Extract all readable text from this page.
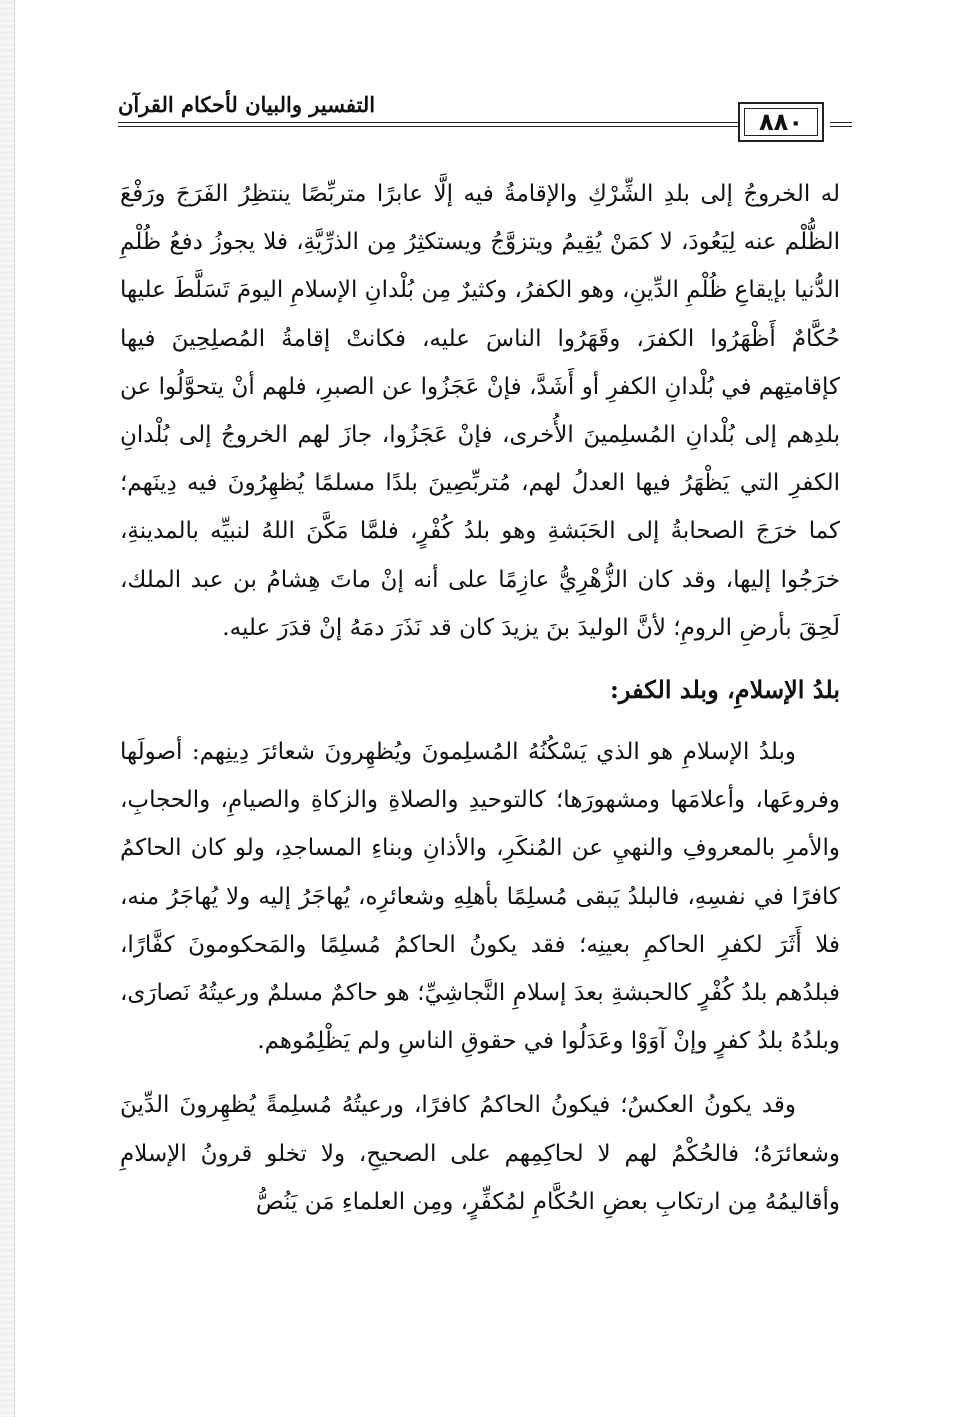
التفسير والبيان لأحكام القرآن
٨٨٠

له الخروجُ إلى بلدِ الشِّرْكِ والإقامةُ فيه إلَّا عابرًا متربِّصًا ينتظِرُ الفَرَجَ ورَفْعَ الظُّلْم عنه لِيَعُودَ، لا كمَنْ يُقِيمُ ويتزوَّجُ ويستكثِرُ مِن الذرِّيَّةِ، فلا يجوزُ دفعُ ظُلْمِ الدُّنيا بإيقاعِ ظُلْمِ الدِّينِ، وهو الكفرُ، وكثيرٌ مِن بُلْدانِ الإسلامِ اليومَ تَسَلَّطَ عليها حُكَّامٌ أَظْهَرُوا الكفرَ، وقَهَرُوا الناسَ عليه، فكانتْ إقامةُ المُصلِحِينَ فيها كإقامتِهم في بُلْدانِ الكفرِ أو أَشَدَّ، فإنْ عَجَزُوا عن الصبرِ، فلهم أنْ يتحوَّلُوا عن بلدِهم إلى بُلْدانِ المُسلِمينَ الأُخرى، فإنْ عَجَزُوا، جازَ لهم الخروجُ إلى بُلْدانِ الكفرِ التي يَظْهَرُ فيها العدلُ لهم، مُتربِّصِينَ بلدًا مسلمًا يُظهِرُونَ فيه دِينَهم؛ كما خرَجَ الصحابةُ إلى الحَبَشةِ وهو بلدُ كُفْرٍ، فلمَّا مَكَّنَ اللهُ لنبيِّه بالمدينةِ، خرَجُوا إليها، وقد كان الزُّهْرِيُّ عازِمًا على أنه إنْ ماتَ هِشامُ بن عبد الملك، لَحِقَ بأرضِ الرومِ؛ لأنَّ الوليدَ بنَ يزيدَ كان قد نَذَرَ دمَهُ إنْ قدَرَ عليه.

بلدُ الإسلامِ، وبلد الكفر:

وبلدُ الإسلامِ هو الذي يَسْكُنُهُ المُسلِمونَ ويُظهِرونَ شعائرَ دِينِهم: أصولَها وفروعَها، وأعلامَها ومشهورَها؛ كالتوحيدِ والصلاةِ والزكاةِ والصيامِ، والحجابِ، والأمرِ بالمعروفِ والنهيِ عن المُنكَرِ، والأذانِ وبناءِ المساجدِ، ولو كان الحاكمُ كافرًا في نفسِهِ، فالبلدُ يَبقى مُسلِمًا بأهلِهِ وشعائرِه، يُهاجَرُ إليه ولا يُهاجَرُ منه، فلا أَثَرَ لكفرِ الحاكمِ بعينِه؛ فقد يكونُ الحاكمُ مُسلِمًا والمَحكومونَ كفَّارًا، فبلدُهم بلدُ كُفْرٍ كالحبشةِ بعدَ إسلامِ النَّجاشِيِّ؛ هو حاكمٌ مسلمٌ ورعيتُهُ نَصارَى، وبلدُهُ بلدُ كفرٍ وإنْ آوَوْا وعَدَلُوا في حقوقِ الناسِ ولم يَظْلِمُوهم.

وقد يكونُ العكسُ؛ فيكونُ الحاكمُ كافرًا، ورعيتُهُ مُسلِمةً يُظهِرونَ الدِّينَ وشعائرَهُ؛ فالحُكْمُ لهم لا لحاكِمِهم على الصحيحِ، ولا تخلو قرونُ الإسلامِ وأقاليمُهُ مِن ارتكابِ بعضِ الحُكَّامِ لمُكفِّرٍ، ومِن العلماءِ مَن يَنُصُّ
